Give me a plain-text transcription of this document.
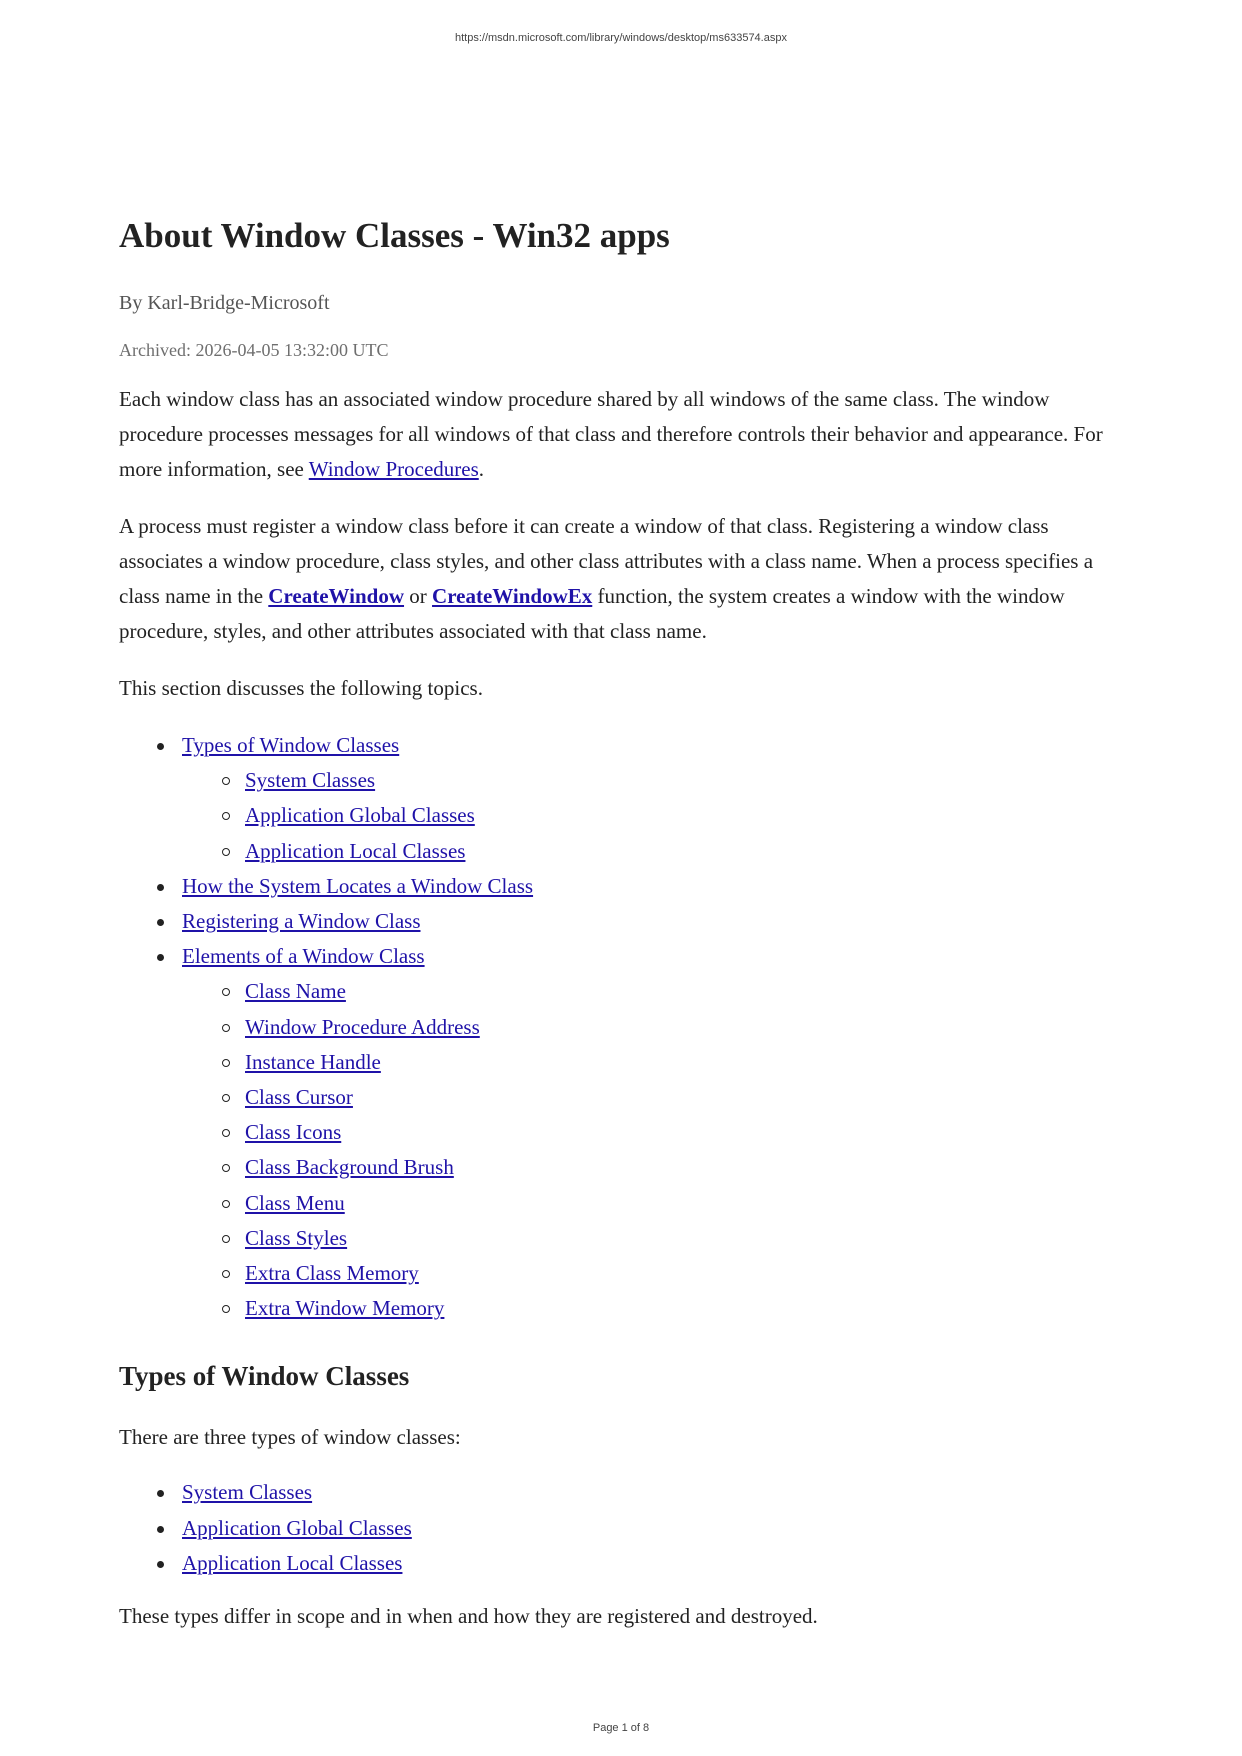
https://msdn.microsoft.com/library/windows/desktop/ms633574.aspx
About Window Classes - Win32 apps
By Karl-Bridge-Microsoft
Archived: 2026-04-05 13:32:00 UTC

Each window class has an associated window procedure shared by all windows of the same class. The window procedure processes messages for all windows of that class and therefore controls their behavior and appearance. For more information, see Window Procedures.

A process must register a window class before it can create a window of that class. Registering a window class associates a window procedure, class styles, and other class attributes with a class name. When a process specifies a class name in the CreateWindow or CreateWindowEx function, the system creates a window with the window procedure, styles, and other attributes associated with that class name.

This section discusses the following topics.

Types of Window Classes
System Classes
Application Global Classes
Application Local Classes
How the System Locates a Window Class
Registering a Window Class
Elements of a Window Class
Class Name
Window Procedure Address
Instance Handle
Class Cursor
Class Icons
Class Background Brush
Class Menu
Class Styles
Extra Class Memory
Extra Window Memory
Types of Window Classes

There are three types of window classes:

System Classes
Application Global Classes
Application Local Classes

These types differ in scope and in when and how they are registered and destroyed.

Page 1 of 8
